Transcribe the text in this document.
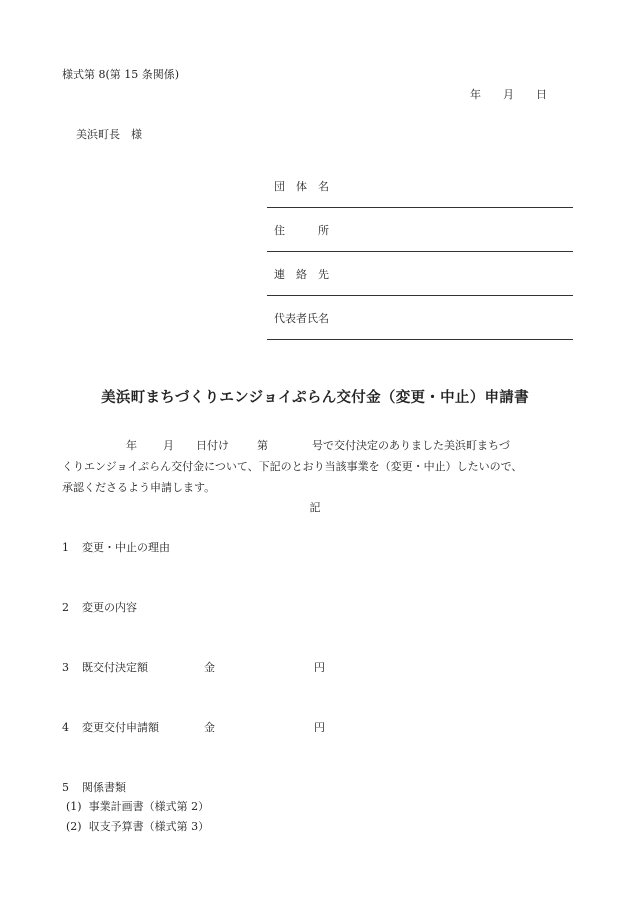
様式第 8(第 15 条関係)
年 月 日
美浜町長　様
団　体　名
住　　　所
連　絡　先
代表者氏名
美浜町まちづくりエンジョイぷらん交付金（変更・中止）申請書
年 月 日付け	第	号で交付決定のありました美浜町まちづ
くりエンジョイぷらん交付金について、下記のとおり当該事業を（変更・中止）したいので、
承認くださるよう申請します。
記
1 変更・中止の理由
2 変更の内容
3 既交付決定額	金	円
4 変更交付申請額	金	円
5 関係書類
(1) 事業計画書（様式第 2）
(2) 収支予算書（様式第 3）
